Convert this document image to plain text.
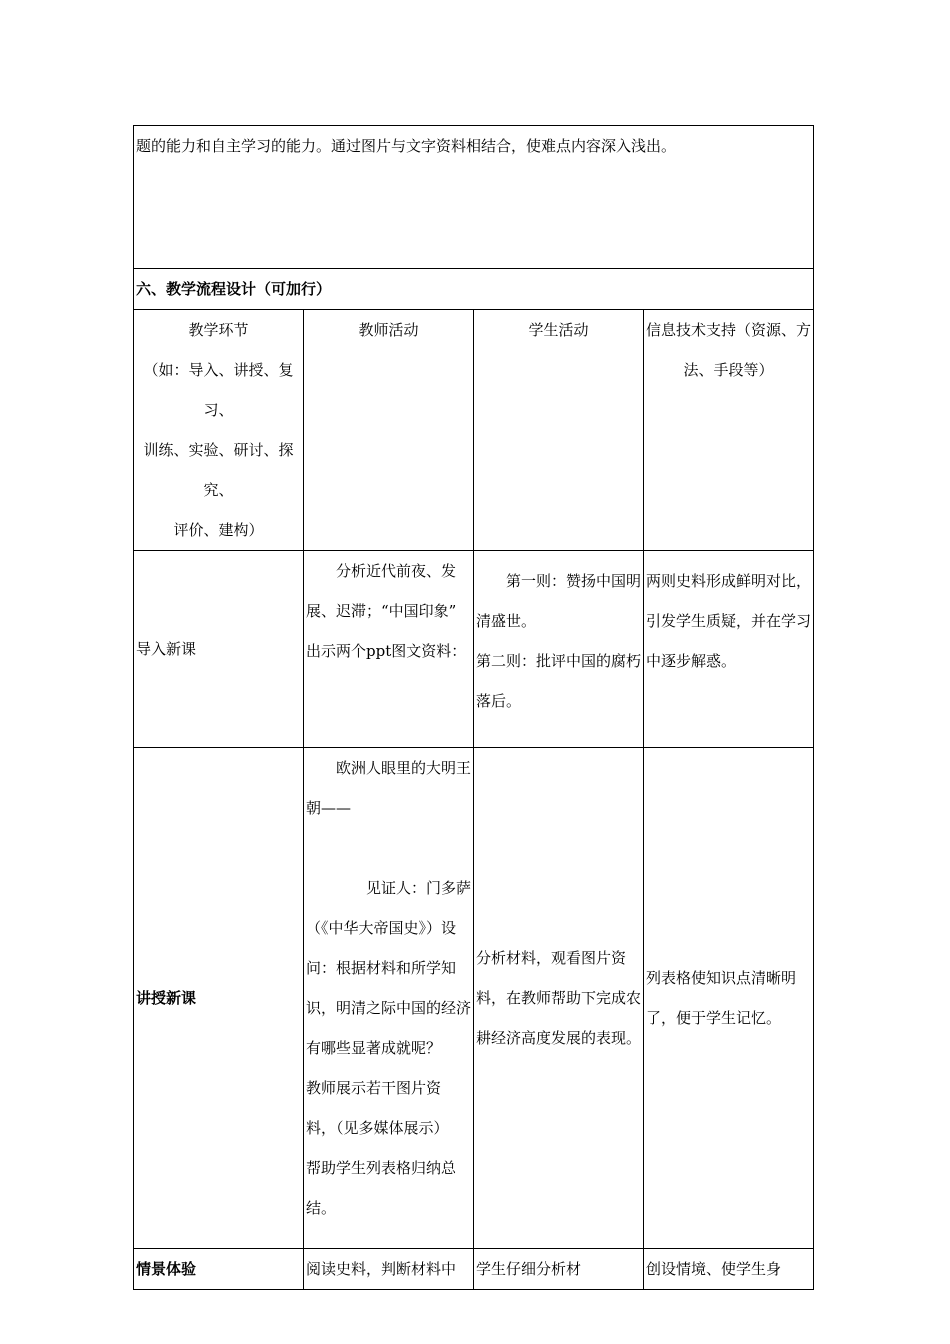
题的能力和自主学习的能力。通过图片与文字资料相结合，使难点内容深入浅出。			
六、教学流程设计（可加行）			

教学环节
（如：导入、讲授、复习、
训练、实验、研讨、探究、
评价、建构）	教师活动	学生活动	信息技术支持（资源、方法、手段等）
导入新课	分析近代前夜、发展、迟滞；“中国印象”
出示两个ppt图文资料：	第一则：赞扬中国明清盛世。
第二则：批评中国的腐朽落后。	两则史料形成鲜明对比，引发学生质疑，并在学习中逐步解惑。

讲授新课	欧洲人眼里的大明王朝——
见证人：门多萨（《中华大帝国史》）设问：根据材料和所学知识，明清之际中国的经济有哪些显著成就呢？
教师展示若干图片资料，（见多媒体展示）
帮助学生列表格归纳总结。	分析材料，观看图片资料，在教师帮助下完成农耕经济高度发展的表现。	列表格使知识点清晰明了，便于学生记忆。
情景体验	阅读史料，判断材料中	学生仔细分析材	创设情境、使学生身
